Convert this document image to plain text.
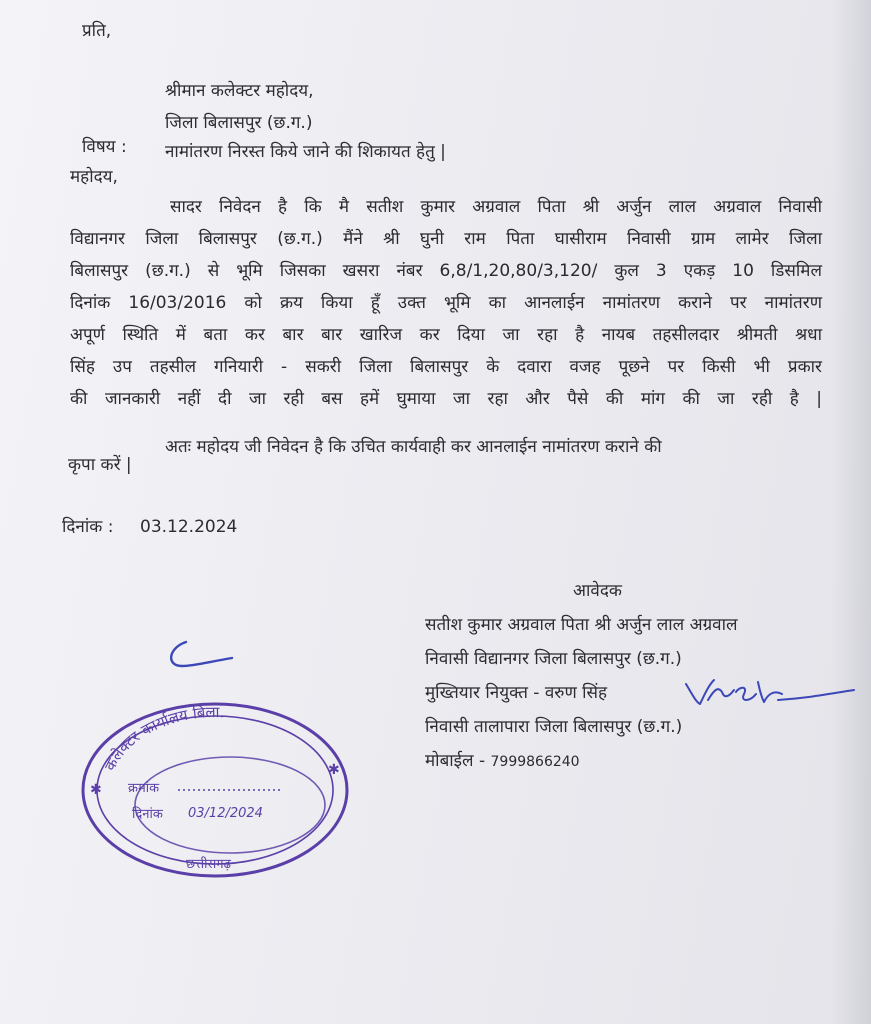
प्रति,
श्रीमान कलेक्टर महोदय,
जिला बिलासपुर (छ.ग.)
विषय : नामांतरण निरस्त किये जाने की शिकायत हेतु |
महोदय,
सादर निवेदन है कि मै सतीश कुमार अग्रवाल पिता श्री अर्जुन लाल अग्रवाल निवासी
विद्यानगर जिला बिलासपुर (छ.ग.) मैंने श्री घुनी राम पिता घासीराम निवासी ग्राम लामेर जिला
बिलासपुर (छ.ग.) से भूमि जिसका खसरा नंबर 6,8/1,20,80/3,120/ कुल 3 एकड़ 10 डिसमिल
दिनांक 16/03/2016 को क्रय किया हूँ उक्त भूमि का आनलाईन नामांतरण कराने पर नामांतरण
अपूर्ण स्थिति में बता कर बार बार खारिज कर दिया जा रहा है नायब तहसीलदार श्रीमती श्रधा
सिंह उप तहसील गनियारी - सकरी जिला बिलासपुर के दवारा वजह पूछने पर किसी भी प्रकार
की जानकारी नहीं दी जा रही बस हमें घुमाया जा रहा और पैसे की मांग की जा रही है |
अतः महोदय जी निवेदन है कि उचित कार्यवाही कर आनलाईन नामांतरण कराने की
कृपा करें |
दिनांक : 03.12.2024
आवेदक
सतीश कुमार अग्रवाल पिता श्री अर्जुन लाल अग्रवाल
निवासी विद्यानगर जिला बिलासपुर (छ.ग.)
मुख्तियार नियुक्त - वरुण सिंह
निवासी तालापारा जिला बिलासपुर (छ.ग.)
मोबाईल - 7999866240
कलेक्टर कार्यालय बिला.
क्रमांक
दिनांक 03/12/2024
छत्तीसगढ़
✱
✱
